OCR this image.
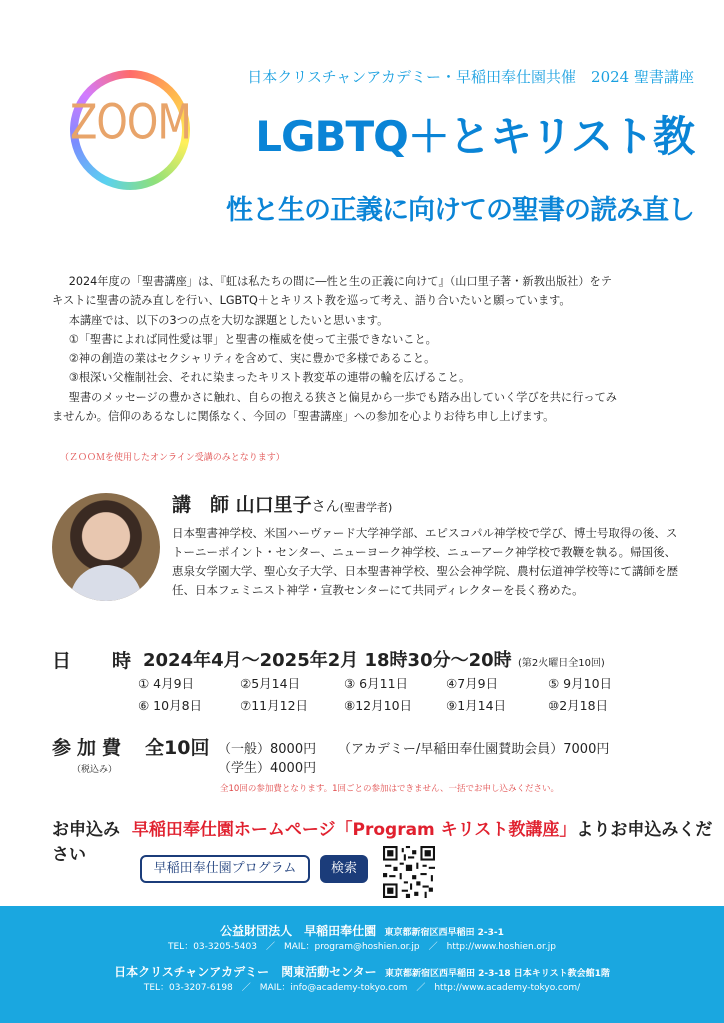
ZOOM
日本クリスチャンアカデミー・早稲田奉仕園共催　2024 聖書講座
LGBTQ＋とキリスト教
性と生の正義に向けての聖書の読み直し

2024年度の「聖書講座」は、『虹は私たちの間に―性と生の正義に向けて』（山口里子著・新教出版社）をテ

キストに聖書の読み直しを行い、LGBTQ＋とキリスト教を巡って考え、語り合いたいと願っています。

本講座では、以下の3つの点を大切な課題としたいと思います。

①「聖書によれば同性愛は罪」と聖書の権威を使って主張できないこと。

②神の創造の業はセクシャリティを含めて、実に豊かで多様であること。

③根深い父権制社会、それに染まったキリスト教変革の連帯の輪を広げること。

聖書のメッセージの豊かさに触れ、自らの抱える狭さと偏見から一歩でも踏み出していく学びを共に行ってみ

ませんか。信仰のあるなしに関係なく、今回の「聖書講座」への参加を心よりお待ち申し上げます。

（ＺＯＯＭを使用したオンライン受講のみとなります）
講　師 山口里子さん(聖書学者)
日本聖書神学校、米国ハーヴァード大学神学部、エピスコパル神学校で学び、博士号取得の後、ストーニーポイント・センター、ニューヨーク神学校、ニューアーク神学校で教鞭を執る。帰国後、恵泉女学園大学、聖心女子大学、日本聖書神学校、聖公会神学院、農村伝道神学校等にて講師を歴任、日本フェミニスト神学・宣教センターにて共同ディレクターを長く務めた。
日 時 2024年4月～2025年2月 18時30分～20時 (第2火曜日全10回)
① 4月9日	②5月14日	③ 6月11日	④7月9日	⑤ 9月10日
⑥ 10月8日	⑦11月12日	⑧12月10日	⑨1月14日	⑩2月18日
参加費 全10回 （一般）8000円 （アカデミー/早稲田奉仕園賛助会員）7000円
（税込み）	（学生）4000円
全10回の参加費となります。1回ごとの参加はできません、一括でお申し込みください。
お申込み 早稲田奉仕園ホームページ「Program キリスト教講座」よりお申込みください
早稲田奉仕園プログラム	検索
公益財団法人　早稲田奉仕園 東京都新宿区西早稲田 2-3-1
TEL：03-3205-5403　／　MAIL：program@hoshien.or.jp　／　http://www.hoshien.or.jp
日本クリスチャンアカデミー　関東活動センター 東京都新宿区西早稲田 2-3-18 日本キリスト教会館1階
TEL：03-3207-6198　／　MAIL：info@academy-tokyo.com　／　http://www.academy-tokyo.com/
